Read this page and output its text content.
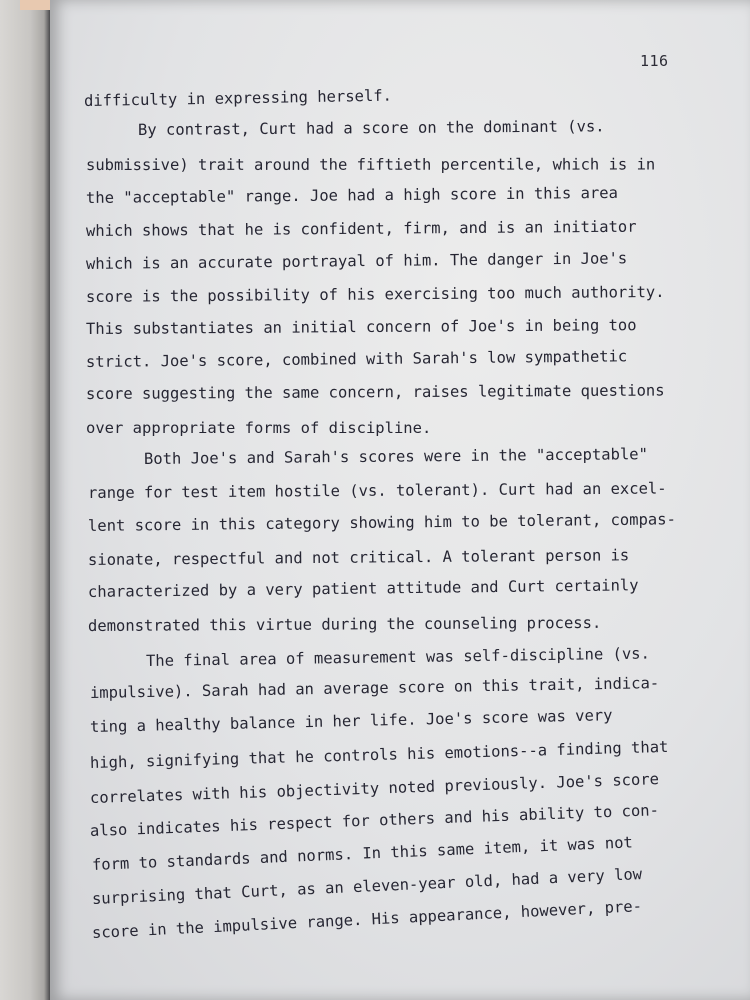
116
difficulty in expressing herself.
By contrast, Curt had a score on the dominant (vs.
submissive) trait around the fiftieth percentile, which is in
the "acceptable" range. Joe had a high score in this area
which shows that he is confident, firm, and is an initiator
which is an accurate portrayal of him. The danger in Joe's
score is the possibility of his exercising too much authority.
This substantiates an initial concern of Joe's in being too
strict. Joe's score, combined with Sarah's low sympathetic
score suggesting the same concern, raises legitimate questions
over appropriate forms of discipline.
Both Joe's and Sarah's scores were in the "acceptable"
range for test item hostile (vs. tolerant). Curt had an excel-
lent score in this category showing him to be tolerant, compas-
sionate, respectful and not critical. A tolerant person is
characterized by a very patient attitude and Curt certainly
demonstrated this virtue during the counseling process.
The final area of measurement was self-discipline (vs.
impulsive). Sarah had an average score on this trait, indica-
ting a healthy balance in her life. Joe's score was very
high, signifying that he controls his emotions--a finding that
correlates with his objectivity noted previously. Joe's score
also indicates his respect for others and his ability to con-
form to standards and norms. In this same item, it was not
surprising that Curt, as an eleven-year old, had a very low
score in the impulsive range. His appearance, however, pre-
